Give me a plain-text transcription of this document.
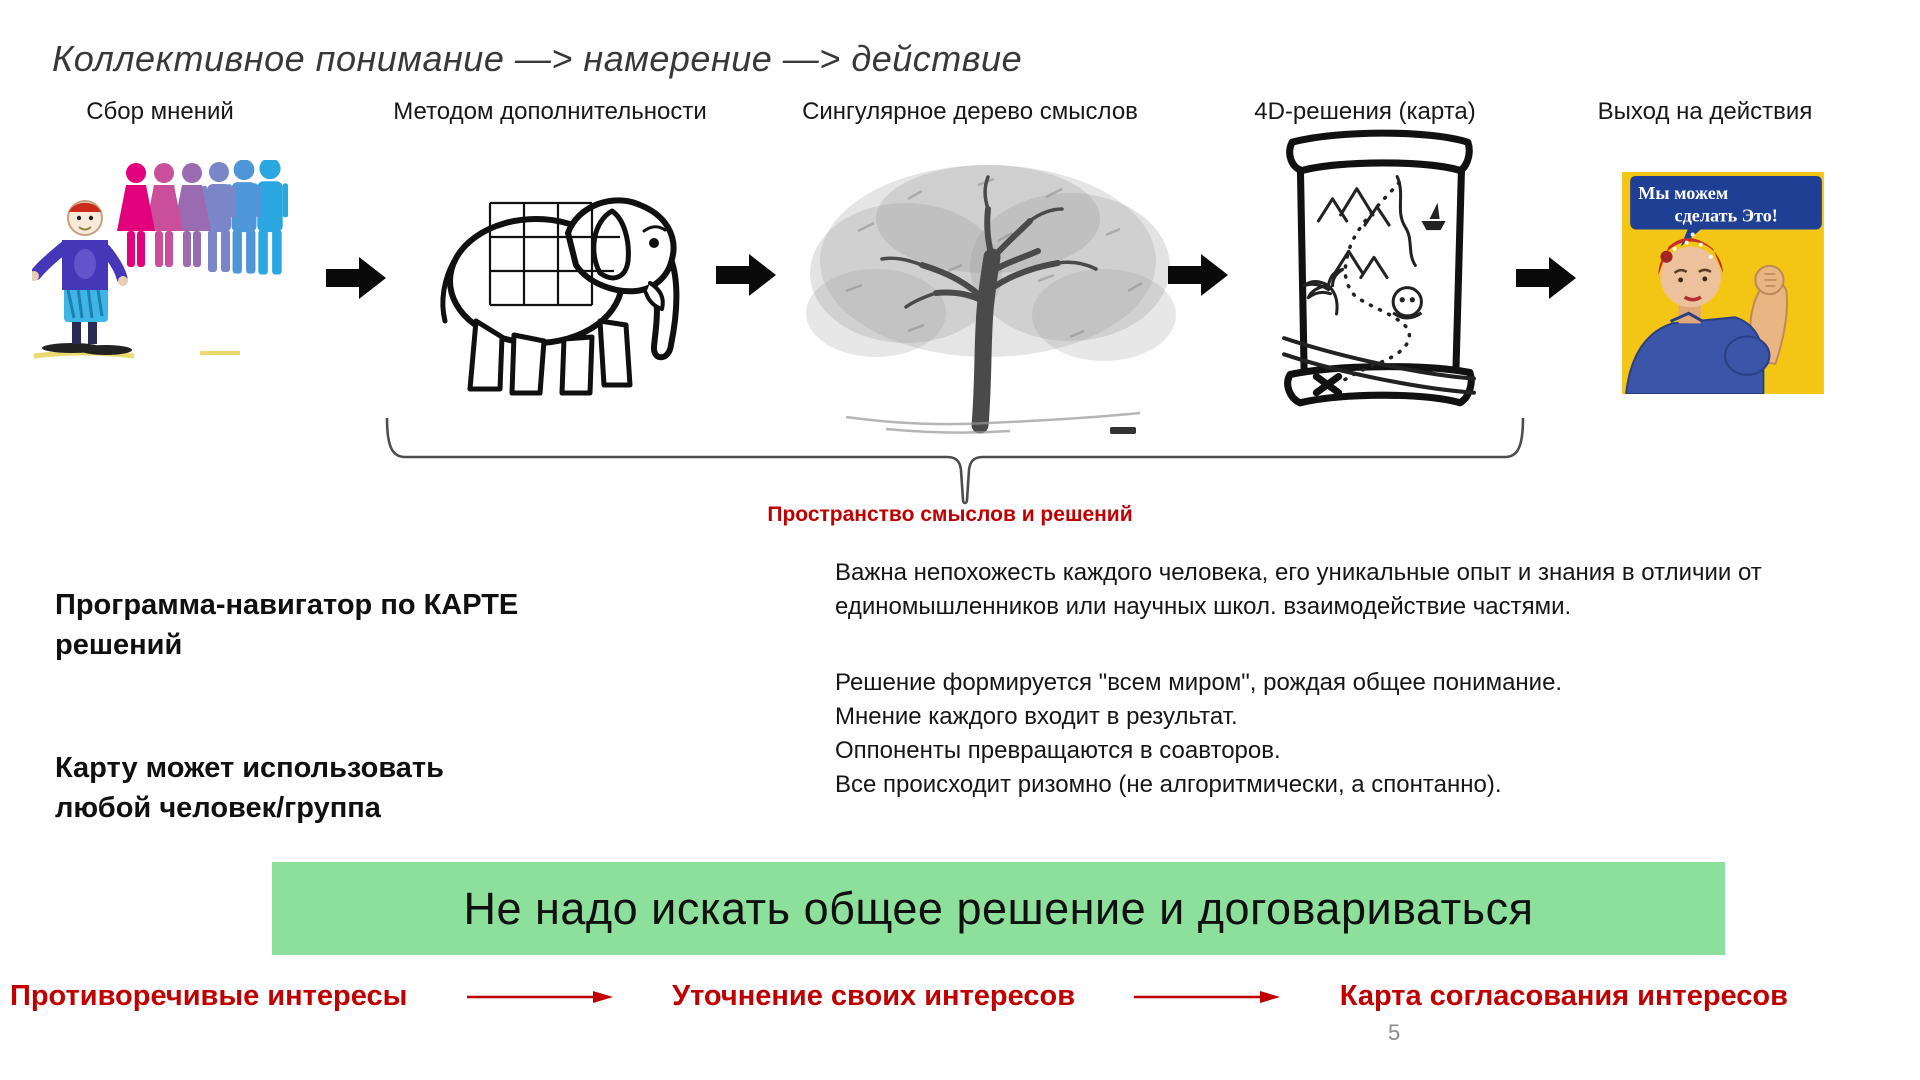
Коллективное понимание —> намерение —> действие
Сбор мнений	Методом дополнительности	Сингулярное дерево смыслов	4D-решения (карта)	Выход на действия
Мы можем
сделать Это!
Пространство смыслов и решений
Программа-навигатор по КАРТЕ решений
Карту может использовать любой человек/группа
Важна непохожесть каждого человека, его уникальные опыт и знания в отличии от
единомышленников или научных школ. взаимодействие частями.
Решение формируется "всем миром", рождая общее понимание.
Мнение каждого входит в результат.
Оппоненты превращаются в соавторов.
Все происходит ризомно (не алгоритмически, а спонтанно).
Не надо искать общее решение и договариваться
Противоречивые интересы	Уточнение своих интересов	Карта согласования интересов
5
